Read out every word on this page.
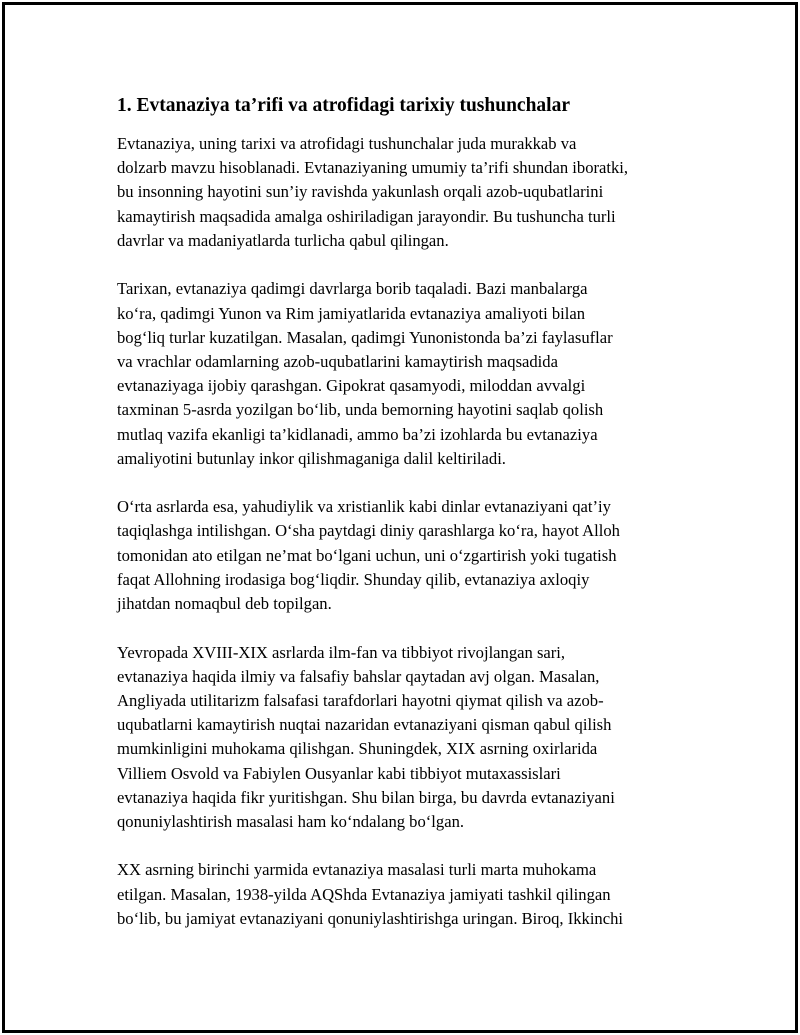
1. Evtanaziya ta’rifi va atrofidagi tarixiy tushunchalar

Evtanaziya, uning tarixi va atrofidagi tushunchalar juda murakkab va
dolzarb mavzu hisoblanadi. Evtanaziyaning umumiy ta’rifi shundan iboratki,
bu insonning hayotini sun’iy ravishda yakunlash orqali azob-uqubatlarini
kamaytirish maqsadida amalga oshiriladigan jarayondir. Bu tushuncha turli
davrlar va madaniyatlarda turlicha qabul qilingan.

Tarixan, evtanaziya qadimgi davrlarga borib taqaladi. Bazi manbalarga
ko‘ra, qadimgi Yunon va Rim jamiyatlarida evtanaziya amaliyoti bilan
bog‘liq turlar kuzatilgan. Masalan, qadimgi Yunonistonda ba’zi faylasuflar
va vrachlar odamlarning azob-uqubatlarini kamaytirish maqsadida
evtanaziyaga ijobiy qarashgan. Gipokrat qasamyodi, miloddan avvalgi
taxminan 5-asrda yozilgan bo‘lib, unda bemorning hayotini saqlab qolish
mutlaq vazifa ekanligi ta’kidlanadi, ammo ba’zi izohlarda bu evtanaziya
amaliyotini butunlay inkor qilishmaganiga dalil keltiriladi.

O‘rta asrlarda esa, yahudiylik va xristianlik kabi dinlar evtanaziyani qat’iy
taqiqlashga intilishgan. O‘sha paytdagi diniy qarashlarga ko‘ra, hayot Alloh
tomonidan ato etilgan ne’mat bo‘lgani uchun, uni o‘zgartirish yoki tugatish
faqat Allohning irodasiga bog‘liqdir. Shunday qilib, evtanaziya axloqiy
jihatdan nomaqbul deb topilgan.

Yevropada XVIII-XIX asrlarda ilm-fan va tibbiyot rivojlangan sari,
evtanaziya haqida ilmiy va falsafiy bahslar qaytadan avj olgan. Masalan,
Angliyada utilitarizm falsafasi tarafdorlari hayotni qiymat qilish va azob-
uqubatlarni kamaytirish nuqtai nazaridan evtanaziyani qisman qabul qilish
mumkinligini muhokama qilishgan. Shuningdek, XIX asrning oxirlarida
Villiem Osvold va Fabiylen Ousyanlar kabi tibbiyot mutaxassislari
evtanaziya haqida fikr yuritishgan. Shu bilan birga, bu davrda evtanaziyani
qonuniylashtirish masalasi ham ko‘ndalang bo‘lgan.

XX asrning birinchi yarmida evtanaziya masalasi turli marta muhokama
etilgan. Masalan, 1938-yilda AQShda Evtanaziya jamiyati tashkil qilingan
bo‘lib, bu jamiyat evtanaziyani qonuniylashtirishga uringan. Biroq, Ikkinchi
